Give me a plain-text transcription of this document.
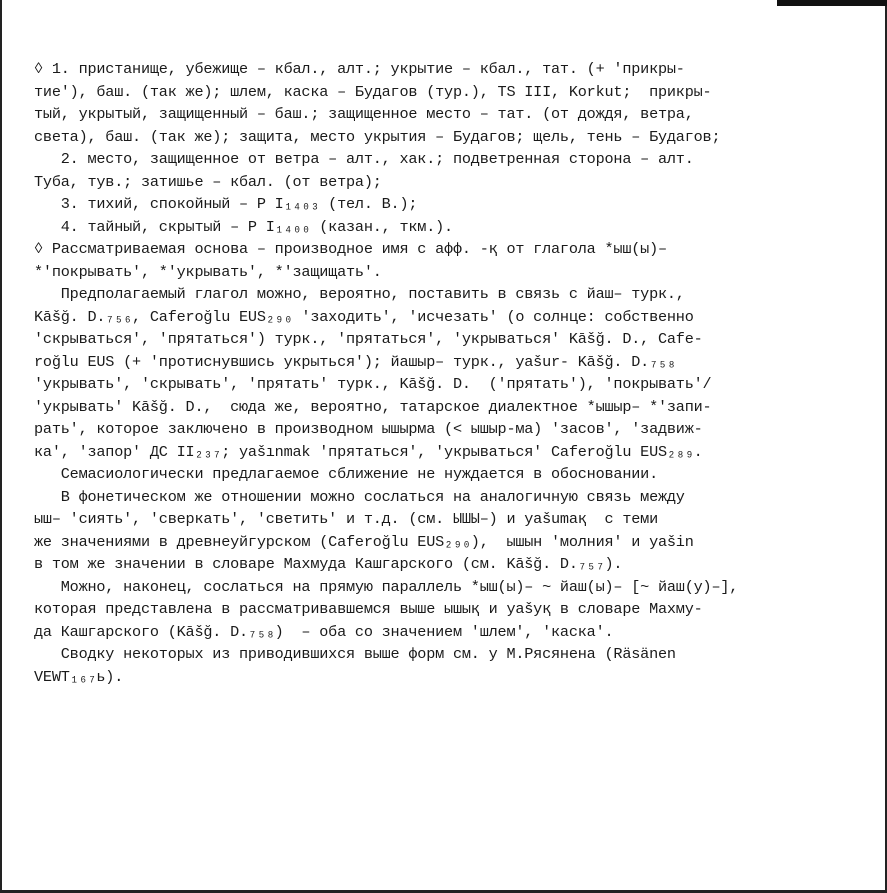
◊ 1. пристанище, убежище – кбал., алт.; укрытие – кбал., тат. (+ 'прикры-
тие'), баш. (так же); шлем, каска – Будагов (тур.), TS III, Korkut;  прикры-
тый, укрытый, защищенный – баш.; защищенное место – тат. (от дождя, ветра,
света), баш. (так же); защита, место укрытия – Будагов; щель, тень – Будагов;
2. место, защищенное от ветра – алт., хак.; подветренная сторона – алт.
Туба, тув.; затишье – кбал. (от ветра);
3. тихий, спокойный – Р I₁₄₀₃ (тел. В.);
4. тайный, скрытый – Р I₁₄₀₀ (казан., ткм.).
◊ Рассматриваемая основа – производное имя с афф. -қ от глагола *ыш(ы)–
*'покрывать', *'укрывать', *'защищать'.
Предполагаемый глагол можно, вероятно, поставить в связь с йаш– турк.,
Kāšğ. D.₇₅₆, Caferoğlu EUS₂₉₀ 'заходить', 'исчезать' (о солнце: собственно
'скрываться', 'прятаться') турк., 'прятаться', 'укрываться' Kāšğ. D., Cafe-
roğlu EUS (+ 'протиснувшись укрыться'); йашыр– турк., yašur- Kāšğ. D.₇₅₈
'укрывать', 'скрывать', 'прятать' турк., Kāšğ. D.  ('прятать'), 'покрывать'/
'укрывать' Kāšğ. D.,  сюда же, вероятно, татарское диалектное *ышыр– *'запи-
рать', которое заключено в производном ышырма (< ышыр-ма) 'засов', 'задвиж-
ка', 'запор' ДС II₂₃₇; yašınmak 'прятаться', 'укрываться' Caferoğlu EUS₂₈₉.
Семасиологически предлагаемое сближение не нуждается в обосновании.
В фонетическом же отношении можно сослаться на аналогичную связь между
ыш– 'сиять', 'сверкать', 'светить' и т.д. (см. ЫШЫ–) и yašumaқ  с теми
же значениями в древнеуйгурском (Caferoğlu EUS₂₉₀),  ышын 'молния' и yašin
в том же значении в словаре Махмуда Кашгарского (см. Kāšğ. D.₇₅₇).
Можно, наконец, сослаться на прямую параллель *ыш(ы)– ~ йаш(ы)– [~ йаш(у)–],
которая представлена в рассматривавшемся выше ышық и yašуқ в словаре Махму-
да Кашгарского (Kāšğ. D.₇₅₈)  – оба со значением 'шлем', 'каска'.
Сводку некоторых из приводившихся выше форм см. у М.Рясянена (Räsänen
VEWT₁₆₇ь).
